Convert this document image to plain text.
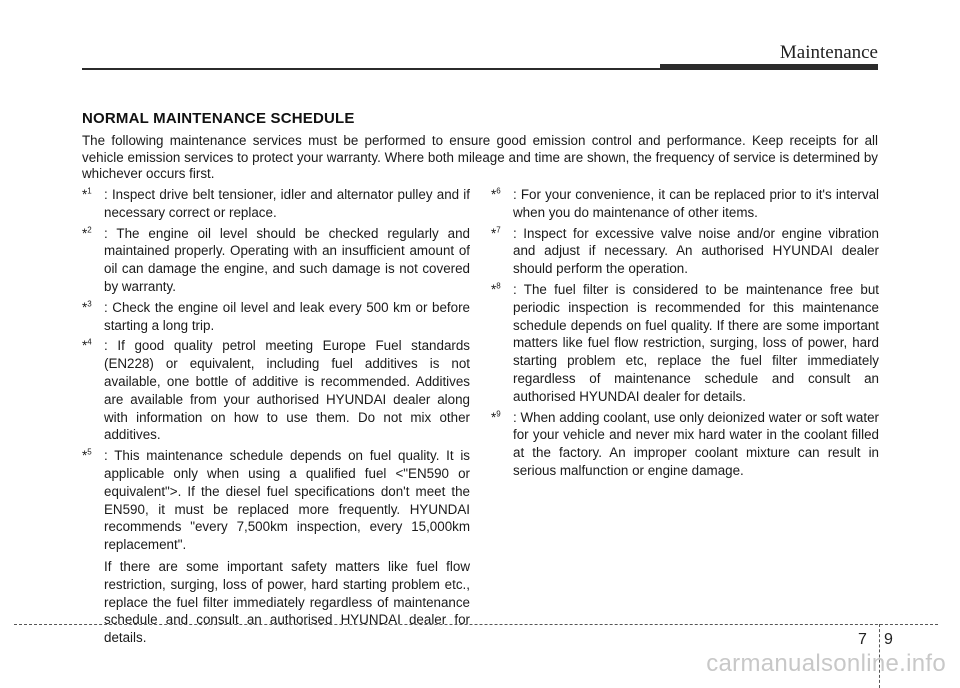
Maintenance
NORMAL MAINTENANCE SCHEDULE

The following maintenance services must be performed to ensure good emission control and performance. Keep receipts for all vehicle emission services to protect your warranty. Where both mileage and time are shown, the frequency of service is determined by whichever occurs first.

*$^1$ : Inspect drive belt tensioner, idler and alternator pulley and if necessary correct or replace.
*$^2$ : The engine oil level should be checked regularly and maintained properly. Operating with an insufficient amount of oil can damage the engine, and such damage is not covered by warranty.
*$^3$ : Check the engine oil level and leak every 500 km or before starting a long trip.
*$^4$ : If good quality petrol meeting Europe Fuel standards (EN228) or equivalent, including fuel additives is not available, one bottle of additive is recommended. Additives are available from your authorised HYUNDAI dealer along with information on how to use them. Do not mix other additives.
*$^5$ : This maintenance schedule depends on fuel quality. It is applicable only when using a qualified fuel <"EN590 or equivalent">. If the diesel fuel specifications don't meet the EN590, it must be replaced more frequently. HYUNDAI recommends "every 7,500km inspection, every 15,000km replacement".
If there are some important safety matters like fuel flow restriction, surging, loss of power, hard starting problem etc., replace the fuel filter immediately regardless of maintenance schedule and consult an authorised HYUNDAI dealer for details.
*$^6$ : For your convenience, it can be replaced prior to it's interval when you do maintenance of other items.
*$^7$ : Inspect for excessive valve noise and/or engine vibration and adjust if necessary. An authorised HYUNDAI dealer should perform the operation.
*$^8$ : The fuel filter is considered to be maintenance free but periodic inspection is recommended for this maintenance schedule depends on fuel quality. If there are some important matters like fuel flow restriction, surging, loss of power, hard starting problem etc, replace the fuel filter immediately regardless of maintenance schedule and consult an authorised HYUNDAI dealer for details.
*$^9$ : When adding coolant, use only deionized water or soft water for your vehicle and never mix hard water in the coolant filled at the factory. An improper coolant mixture can result in serious malfunction or engine damage.
7 9
carmanualsonline.info
